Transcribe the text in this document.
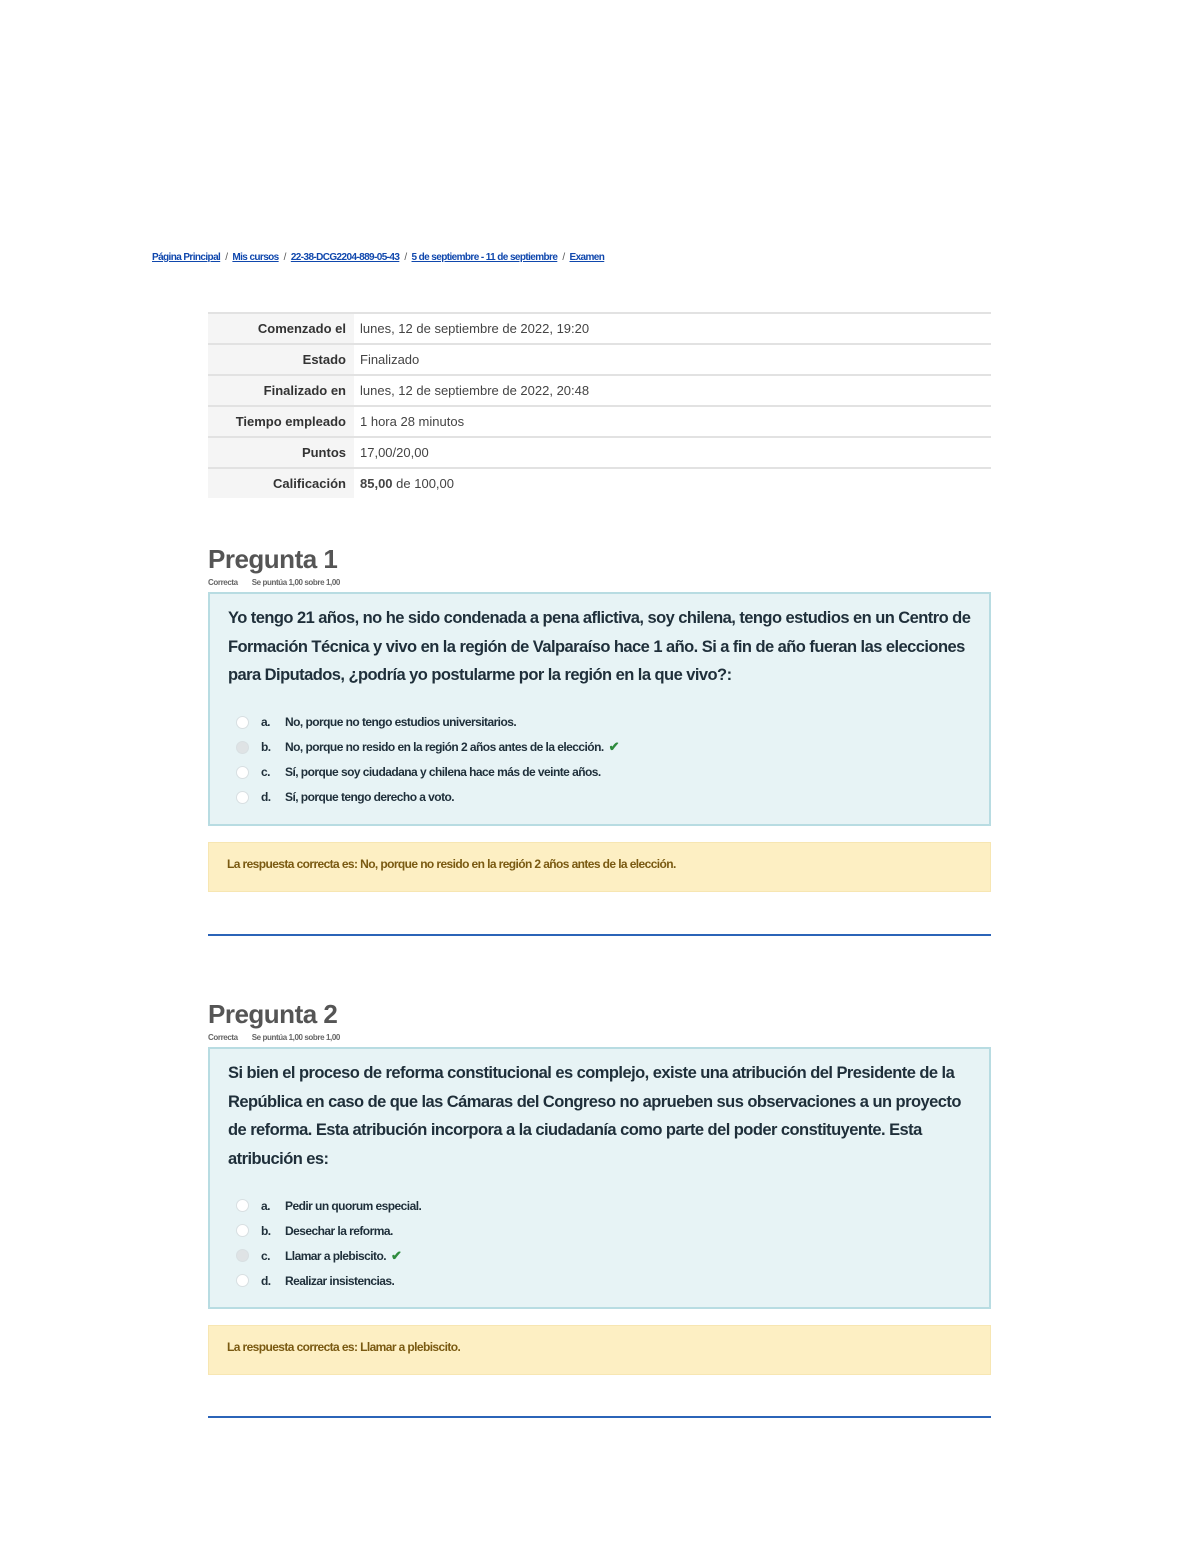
Página Principal / Mis cursos / 22-38-DCG2204-889-05-43 / 5 de septiembre - 11 de septiembre / Examen
Comenzado el	lunes, 12 de septiembre de 2022, 19:20
Estado	Finalizado
Finalizado en	lunes, 12 de septiembre de 2022, 20:48
Tiempo empleado	1 hora 28 minutos
Puntos	17,00/20,00
Calificación	85,00 de 100,00
Pregunta 1
Correcta Se puntúa 1,00 sobre 1,00

Yo tengo 21 años, no he sido condenada a pena aflictiva, soy chilena, tengo estudios en un Centro de Formación Técnica y vivo en la región de Valparaíso hace 1 año. Si a fin de año fueran las elecciones para Diputados, ¿podría yo postularme por la región en la que vivo?:

a.	No, porque no tengo estudios universitarios.
b.	No, porque no resido en la región 2 años antes de la elección. ✔
c.	Sí, porque soy ciudadana y chilena hace más de veinte años.
d.	Sí, porque tengo derecho a voto.
La respuesta correcta es: No, porque no resido en la región 2 años antes de la elección.
Pregunta 2
Correcta Se puntúa 1,00 sobre 1,00

Si bien el proceso de reforma constitucional es complejo, existe una atribución del Presidente de la República en caso de que las Cámaras del Congreso no aprueben sus observaciones a un proyecto de reforma. Esta atribución incorpora a la ciudadanía como parte del poder constituyente. Esta atribución es:

a.	Pedir un quorum especial.
b.	Desechar la reforma.
c.	Llamar a plebiscito. ✔
d.	Realizar insistencias.
La respuesta correcta es: Llamar a plebiscito.
